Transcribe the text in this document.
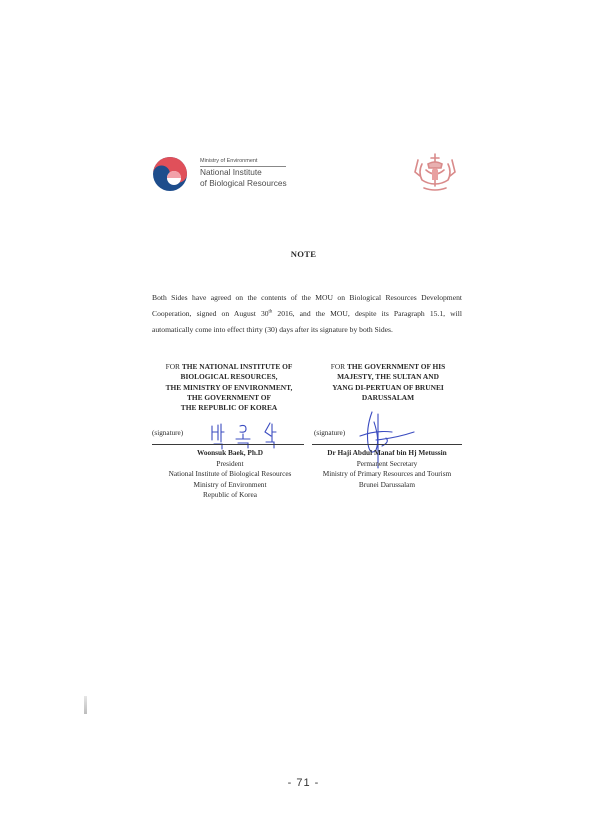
Ministry of Environment
National Institute
of Biological Resources
NOTE
Both Sides have agreed on the contents of the MOU on Biological Resources Development Cooperation, signed on August 30th 2016, and the MOU, despite its Paragraph 15.1, will automatically come into effect thirty (30) days after its signature by both Sides.
FOR THE NATIONAL INSTITUTE OF
BIOLOGICAL RESOURCES,
THE MINISTRY OF ENVIRONMENT,
THE GOVERNMENT OF
THE REPUBLIC OF KOREA
FOR THE GOVERNMENT OF HIS
MAJESTY, THE SULTAN AND
YANG DI-PERTUAN OF BRUNEI
DARUSSALAM
(signature)	(signature)
Woonsuk Baek, Ph.D
President
National Institute of Biological Resources
Ministry of Environment
Republic of Korea
Dr Haji Abdul Manaf bin Hj Metussin
Permanent Secretary
Ministry of Primary Resources and Tourism
Brunei Darussalam
- 71 -
